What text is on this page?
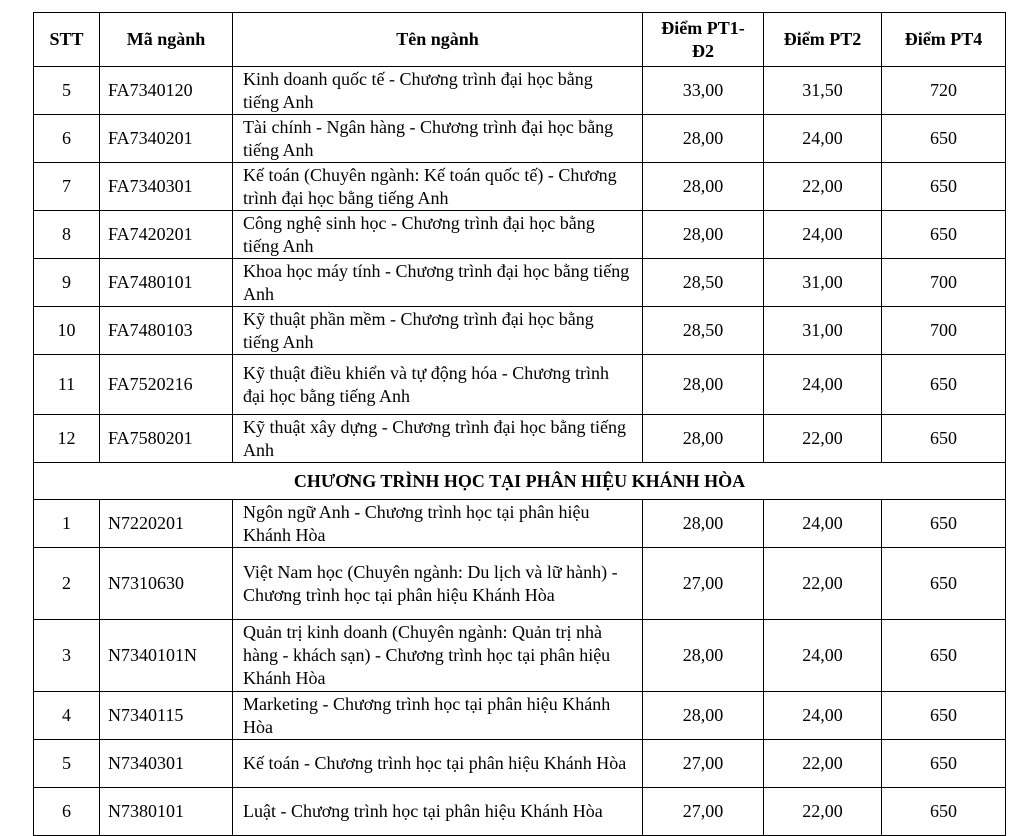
STT	Mã ngành	Tên ngành	Điểm PT1-Đ2	Điểm PT2	Điểm PT4
5	FA7340120	Kinh doanh quốc tế - Chương trình đại học bằng tiếng Anh	33,00	31,50	720
6	FA7340201	Tài chính - Ngân hàng - Chương trình đại học bằng tiếng Anh	28,00	24,00	650
7	FA7340301	Kế toán (Chuyên ngành: Kế toán quốc tế) - Chương trình đại học bằng tiếng Anh	28,00	22,00	650
8	FA7420201	Công nghệ sinh học - Chương trình đại học bằng tiếng Anh	28,00	24,00	650
9	FA7480101	Khoa học máy tính - Chương trình đại học bằng tiếng Anh	28,50	31,00	700
10	FA7480103	Kỹ thuật phần mềm - Chương trình đại học bằng tiếng Anh	28,50	31,00	700
11	FA7520216	Kỹ thuật điều khiển và tự động hóa - Chương trình đại học bằng tiếng Anh	28,00	24,00	650
12	FA7580201	Kỹ thuật xây dựng - Chương trình đại học bằng tiếng Anh	28,00	22,00	650
CHƯƠNG TRÌNH HỌC TẠI PHÂN HIỆU KHÁNH HÒA					
1	N7220201	Ngôn ngữ Anh - Chương trình học tại phân hiệu Khánh Hòa	28,00	24,00	650
2	N7310630	Việt Nam học (Chuyên ngành: Du lịch và lữ hành) - Chương trình học tại phân hiệu Khánh Hòa	27,00	22,00	650
3	N7340101N	Quản trị kinh doanh (Chuyên ngành: Quản trị nhà hàng - khách sạn) - Chương trình học tại phân hiệu Khánh Hòa	28,00	24,00	650
4	N7340115	Marketing - Chương trình học tại phân hiệu Khánh Hòa	28,00	24,00	650
5	N7340301	Kế toán - Chương trình học tại phân hiệu Khánh Hòa	27,00	22,00	650
6	N7380101	Luật - Chương trình học tại phân hiệu Khánh Hòa	27,00	22,00	650
